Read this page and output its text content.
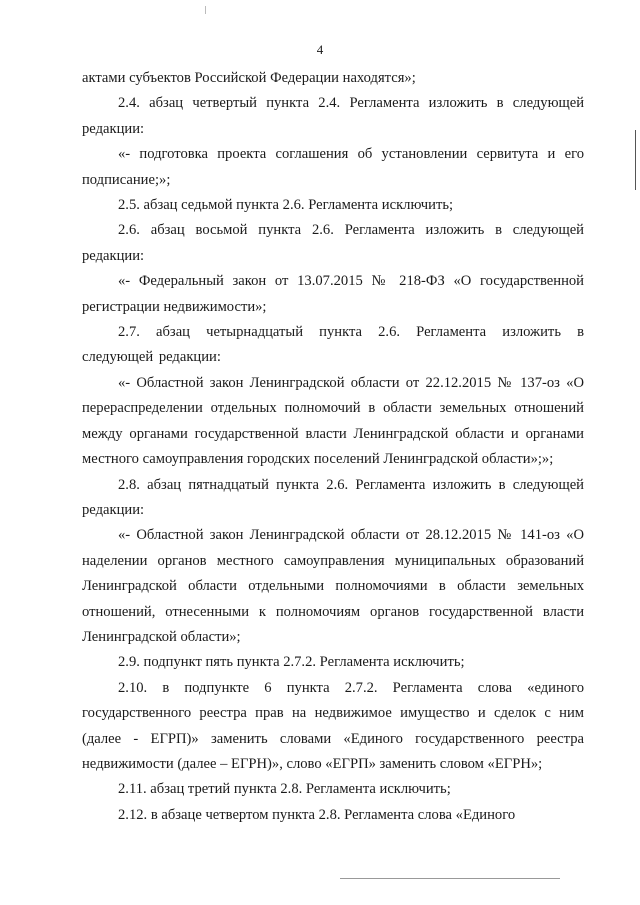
4

актами субъектов Российской Федерации находятся»;

2.4. абзац четвертый пункта 2.4. Регламента изложить в следующей редакции:

«- подготовка проекта соглашения об установлении сервитута и его подписание;»;

2.5. абзац седьмой пункта 2.6. Регламента исключить;

2.6. абзац восьмой пункта 2.6. Регламента изложить в следующей редакции:

«- Федеральный закон от 13.07.2015 № 218-ФЗ «О государственной регистрации недвижимости»;

2.7. абзац четырнадцатый пункта 2.6. Регламента изложить в следующей редакции:

«- Областной закон Ленинградской области от 22.12.2015 № 137-оз «О перераспределении отдельных полномочий в области земельных отношений между органами государственной власти Ленинградской области и органами местного самоуправления городских поселений Ленинградской области»;»;

2.8. абзац пятнадцатый пункта 2.6. Регламента изложить в следующей редакции:

«- Областной закон Ленинградской области от 28.12.2015 № 141-оз «О наделении органов местного самоуправления муниципальных образований Ленинградской области отдельными полномочиями в области земельных отношений, отнесенными к полномочиям органов государственной власти Ленинградской области»;

2.9. подпункт пять пункта 2.7.2. Регламента исключить;

2.10. в подпункте 6 пункта 2.7.2. Регламента слова «единого государственного реестра прав на недвижимое имущество и сделок с ним (далее - ЕГРП)» заменить словами «Единого государственного реестра недвижимости (далее – ЕГРН)», слово «ЕГРП» заменить словом «ЕГРН»;

2.11. абзац третий пункта 2.8. Регламента исключить;

2.12. в абзаце четвертом пункта 2.8. Регламента слова «Единого
